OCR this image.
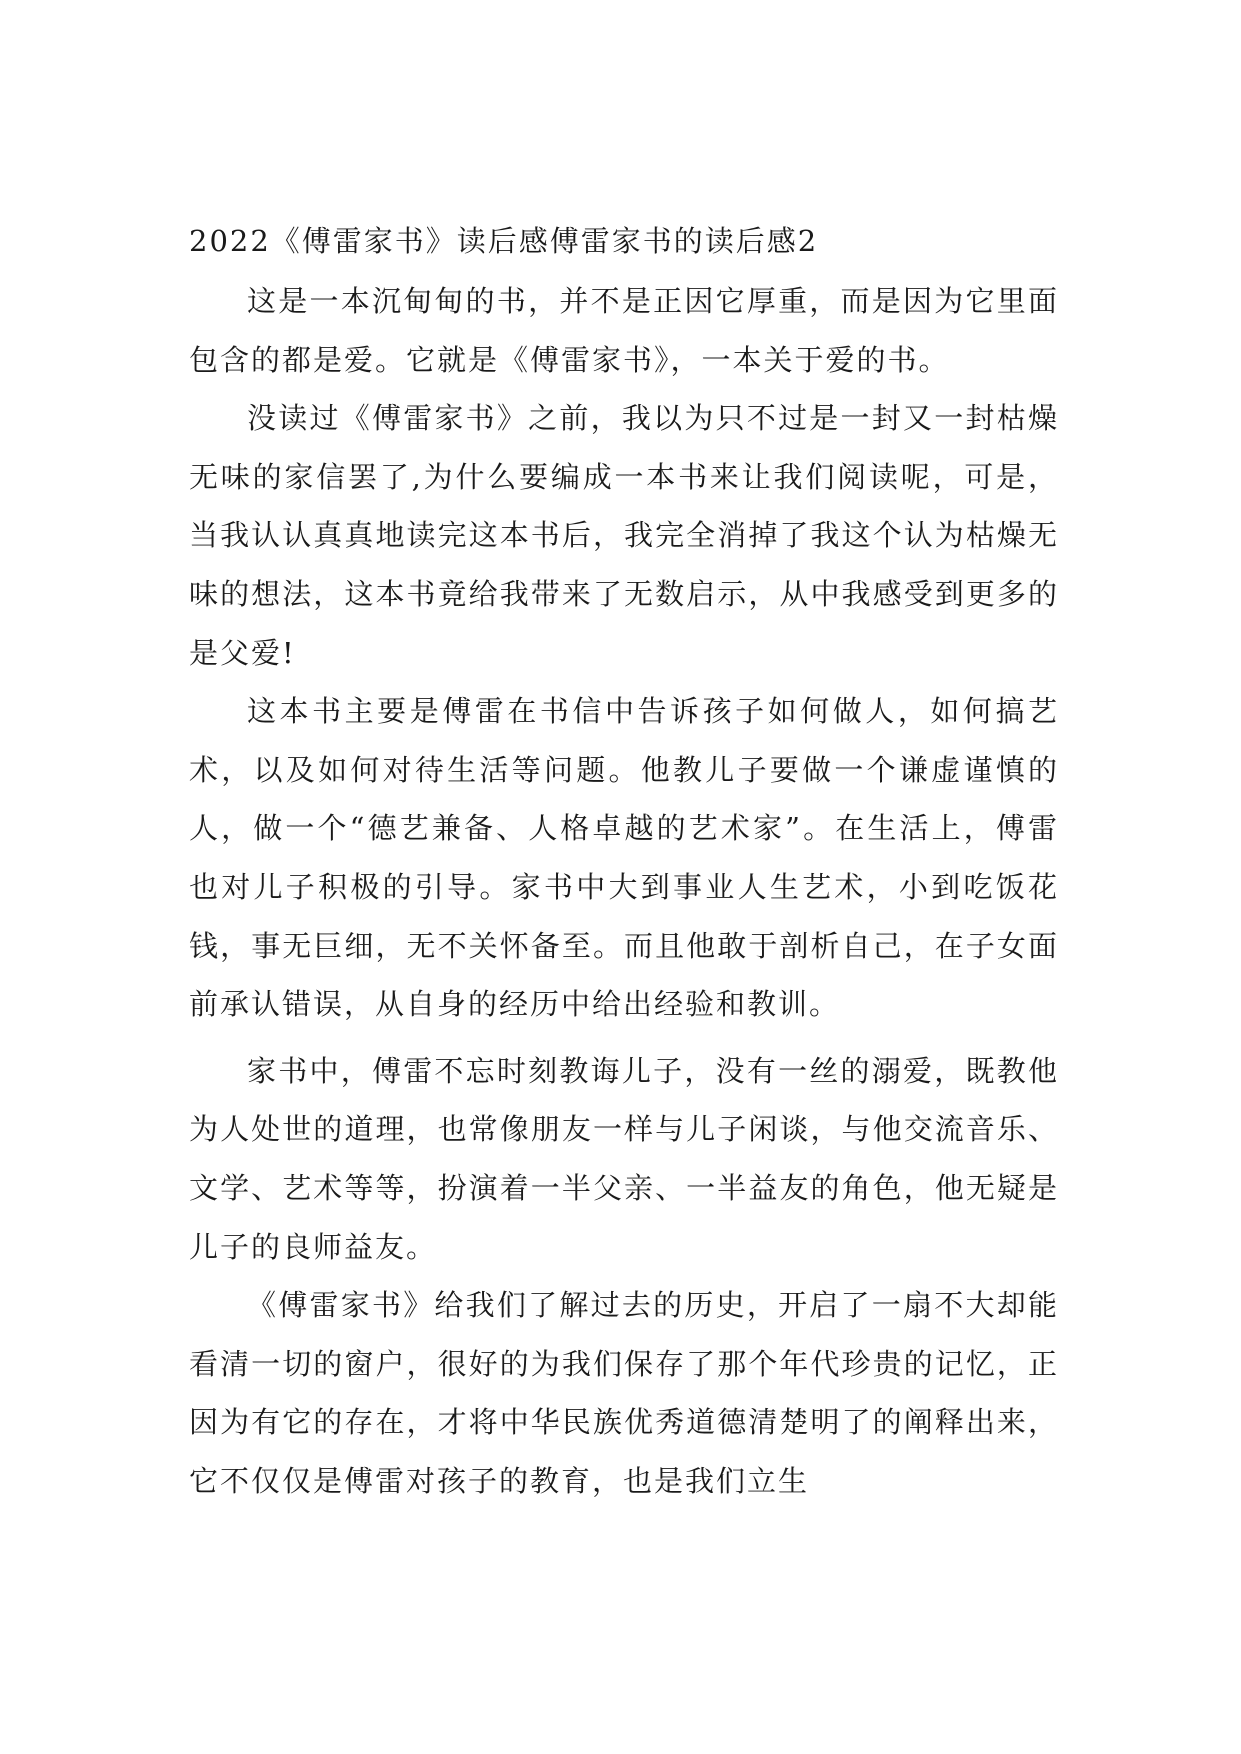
2022《傅雷家书》读后感傅雷家书的读后感2

这是一本沉甸甸的书，并不是正因它厚重，而是因为它里面包含的都是爱。它就是《傅雷家书》，一本关于爱的书。

没读过《傅雷家书》之前，我以为只不过是一封又一封枯燥无味的家信罢了,为什么要编成一本书来让我们阅读呢，可是，当我认认真真地读完这本书后，我完全消掉了我这个认为枯燥无味的想法，这本书竟给我带来了无数启示，从中我感受到更多的是父爱!

这本书主要是傅雷在书信中告诉孩子如何做人，如何搞艺术，以及如何对待生活等问题。他教儿子要做一个谦虚谨慎的人，做一个“德艺兼备、人格卓越的艺术家”。在生活上，傅雷也对儿子积极的引导。家书中大到事业人生艺术，小到吃饭花钱，事无巨细，无不关怀备至。而且他敢于剖析自己，在子女面前承认错误，从自身的经历中给出经验和教训。

家书中，傅雷不忘时刻教诲儿子，没有一丝的溺爱，既教他为人处世的道理，也常像朋友一样与儿子闲谈，与他交流音乐、文学、艺术等等，扮演着一半父亲、一半益友的角色，他无疑是儿子的良师益友。

《傅雷家书》给我们了解过去的历史，开启了一扇不大却能看清一切的窗户，很好的为我们保存了那个年代珍贵的记忆，正因为有它的存在，才将中华民族优秀道德清楚明了的阐释出来，它不仅仅是傅雷对孩子的教育，也是我们立生
